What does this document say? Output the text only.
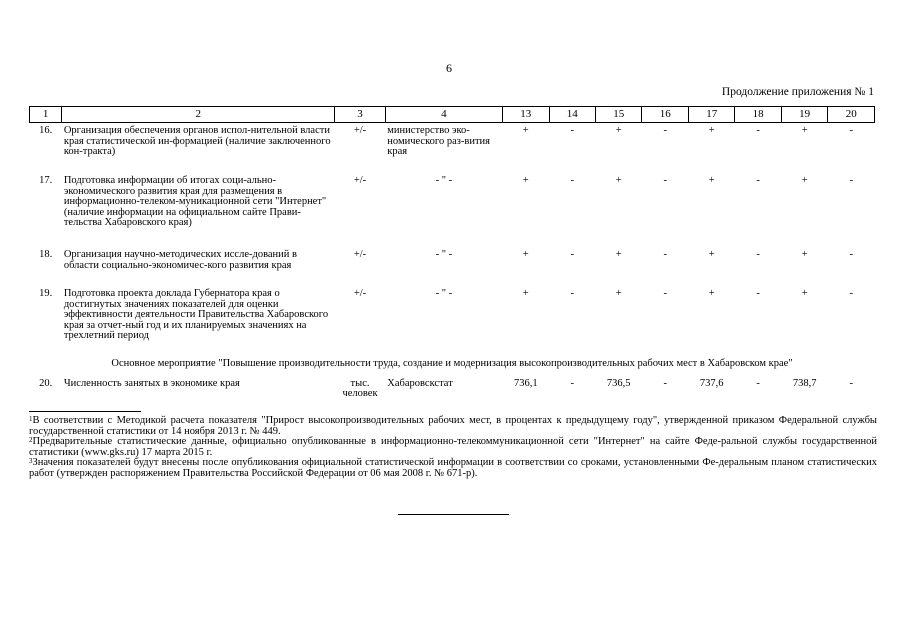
6
Продолжение приложения № 1
1	2	3	4	13	14	15	16	17	18	19	20
16.	Организация обеспечения органов испол-нительной власти края статистической ин-формацией (наличие заключенного кон-тракта)	+/-	министерство эко-номического раз-вития края	+	-	+	-	+	-	+	-
17.	Подготовка информации об итогах соци-ально-экономического развития края для размещения в информационно-телеком-муникационной сети "Интернет" (наличие информации на официальном сайте Прави-тельства Хабаровского края)	+/-	- " -	+	-	+	-	+	-	+	-
18.	Организация научно-методических иссле-дований в области социально-экономичес-кого развития края	+/-	- " -	+	-	+	-	+	-	+	-
19.	Подготовка проекта доклада Губернатора края о достигнутых значениях показателей для оценки эффективности деятельности Правительства Хабаровского края за отчет-ный год и их планируемых значениях на трехлетний период	+/-	- " -	+	-	+	-	+	-	+	-
Основное мероприятие "Повышение производительности труда, создание и модернизация высокопроизводительных рабочих мест в Хабаровском крае"											
20.	Численность занятых в экономике края	тыс. человек	Хабаровскстат	736,1	-	736,5	-	737,6	-	738,7	-

$^1$В соответствии с Методикой расчета показателя "Прирост высокопроизводительных рабочих мест, в процентах к предыдущему году", утвержденной приказом Федеральной службы государственной статистики от 14 ноября 2013 г. № 449.

$^2$Предварительные статистические данные, официально опубликованные в информационно-телекоммуникационной сети "Интернет" на сайте Феде-ральной службы государственной статистики (www.gks.ru) 17 марта 2015 г.

$^3$Значения показателей будут внесены после опубликования официальной статистической информации в соответствии со сроками, установленными Фе-деральным планом статистических работ (утвержден распоряжением Правительства Российской Федерации от 06 мая 2008 г. № 671-р).
